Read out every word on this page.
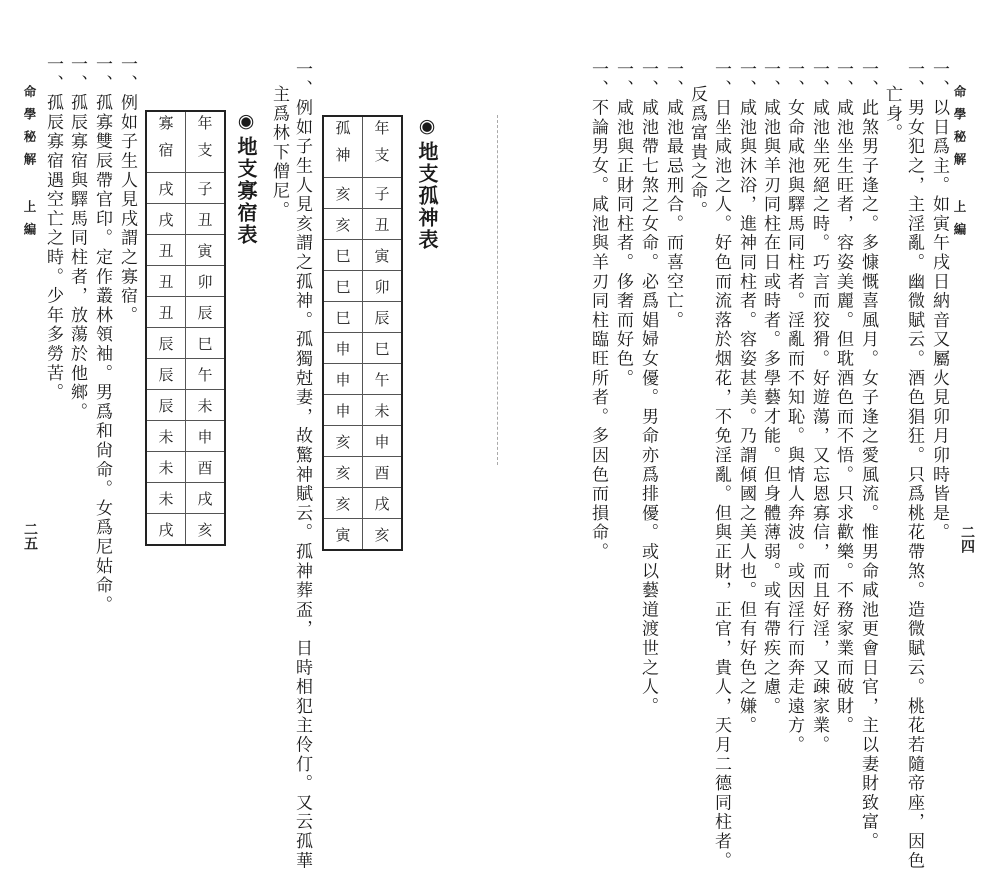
命學秘解 上編
二四
一、以日爲主。如寅午戌日納音又屬火見卯月卯時皆是。
一、男女犯之，主淫亂。幽微賦云。酒色猖狂。只爲桃花帶煞。造微賦云。桃花若隨帝座，因色
亡身。
一、此煞男子逢之。多慷慨喜風月。女子逢之愛風流。惟男命咸池更會日官，主以妻財致富。
一、咸池坐生旺者，容姿美麗。但耽酒色而不悟。只求歡樂。不務家業而破財。
一、咸池坐死絕之時。巧言而狡猾。好遊蕩，又忘恩寡信，而且好淫，又疎家業。
一、女命咸池與驛馬同柱者。淫亂而不知恥。與情人奔波。或因淫行而奔走遠方。
一、咸池與羊刃同柱在日或時者。多學藝才能。但身體薄弱。或有帶疾之慮。
一、咸池與沐浴，進神同柱者。容姿甚美。乃謂傾國之美人也。但有好色之嫌。
一、日坐咸池之人。好色而流落於烟花，不免淫亂。但與正財，正官，貴人，天月二德同柱者。
反爲富貴之命。
一、咸池最忌刑合。而喜空亡。
一、咸池帶七煞之女命。必爲娼婦女優。男命亦爲排優。或以藝道渡世之人。
一、咸池與正財同柱者。侈奢而好色。
一、不論男女。咸池與羊刃同柱臨旺所者。多因色而損命。
◉地支孤神表
孤神	年支
亥	子
亥	丑
巳	寅
巳	卯
巳	辰
申	巳
申	午
申	未
亥	申
亥	酉
亥	戌
寅	亥
一、例如子生人見亥謂之孤神。孤獨尅妻，故驚神賦云。孤神葬盃，日時相犯主伶仃。又云孤華
主爲林下僧尼。
◉地支寡宿表
寡宿	年支
戌	子
戌	丑
丑	寅
丑	卯
丑	辰
辰	巳
辰	午
辰	未
未	申
未	酉
未	戌
戌	亥
一、例如子生人見戌謂之寡宿。
一、孤寡雙辰帶官印。定作叢林領袖。男爲和尙命。女爲尼姑命。
一、孤辰寡宿與驛馬同柱者，放蕩於他鄉。
一、孤辰寡宿遇空亡之時。少年多勞苦。
命學秘解 上編
二五
